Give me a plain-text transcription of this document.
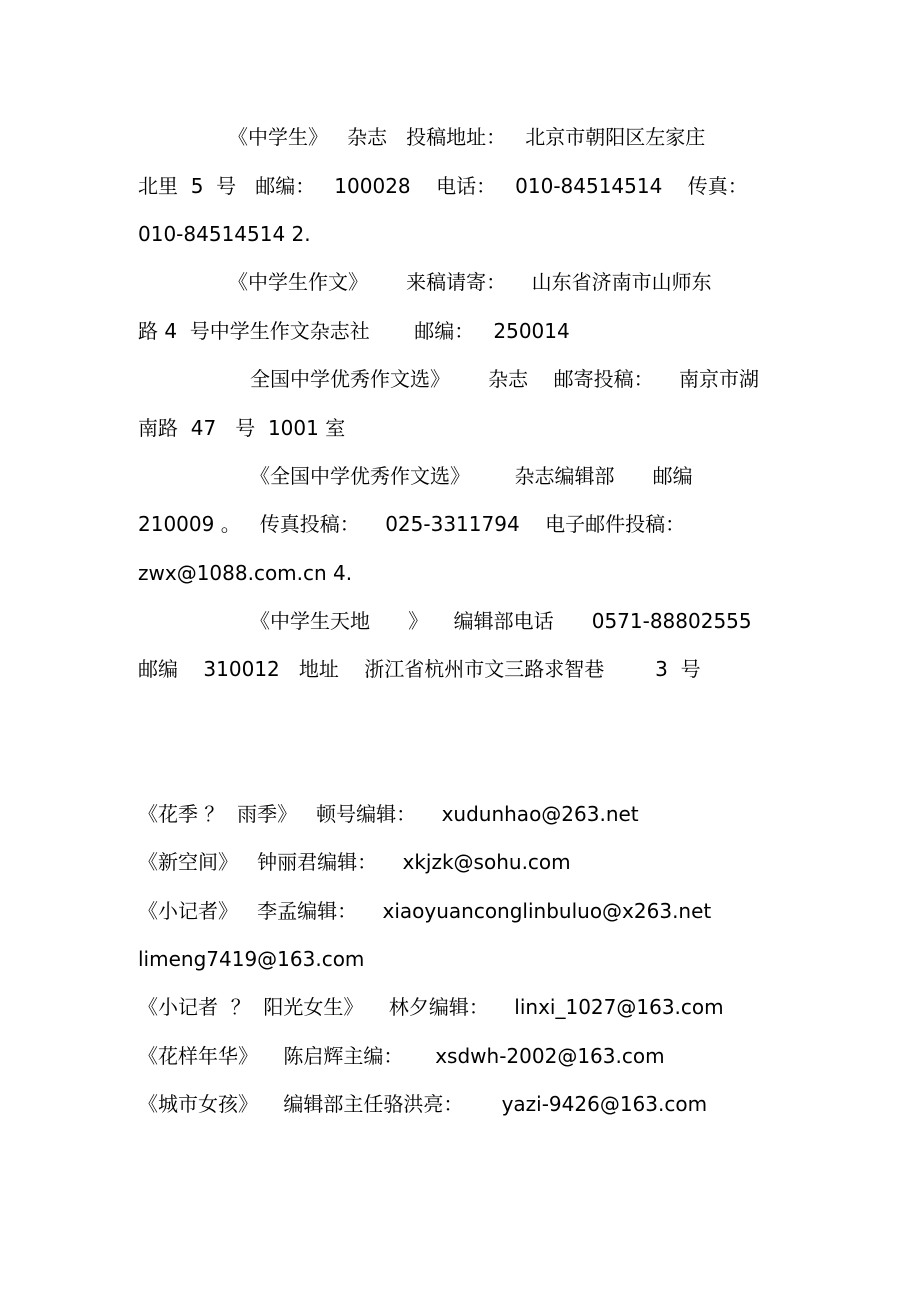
《中学生》   杂志   投稿地址：   北京市朝阳区左家庄
北里  5  号   邮编：   100028    电话：   010-84514514    传真：
010-84514514 2.
《中学生作文》      来稿请寄：    山东省济南市山师东
路 4  号中学生作文杂志社       邮编：   250014
全国中学优秀作文选》      杂志    邮寄投稿：    南京市湖
南路  47   号  1001 室
《全国中学优秀作文选》       杂志编辑部      邮编
210009 。   传真投稿：    025-3311794    电子邮件投稿：
zwx@1088.com.cn 4.
《中学生天地      》    编辑部电话      0571-88802555
邮编    310012   地址    浙江省杭州市文三路求智巷        3  号
《花季 ？  雨季》   顿号编辑：    xudunhao@263.net
《新空间》   钟丽君编辑：    xkjzk@sohu.com
《小记者》   李孟编辑：    xiaoyuanconglinbuluo@x263.net
limeng7419@163.com
《小记者  ？  阳光女生》    林夕编辑：    linxi_1027@163.com
《花样年华》    陈启辉主编：     xsdwh-2002@163.com
《城市女孩》    编辑部主任骆洪亮：      yazi-9426@163.com
